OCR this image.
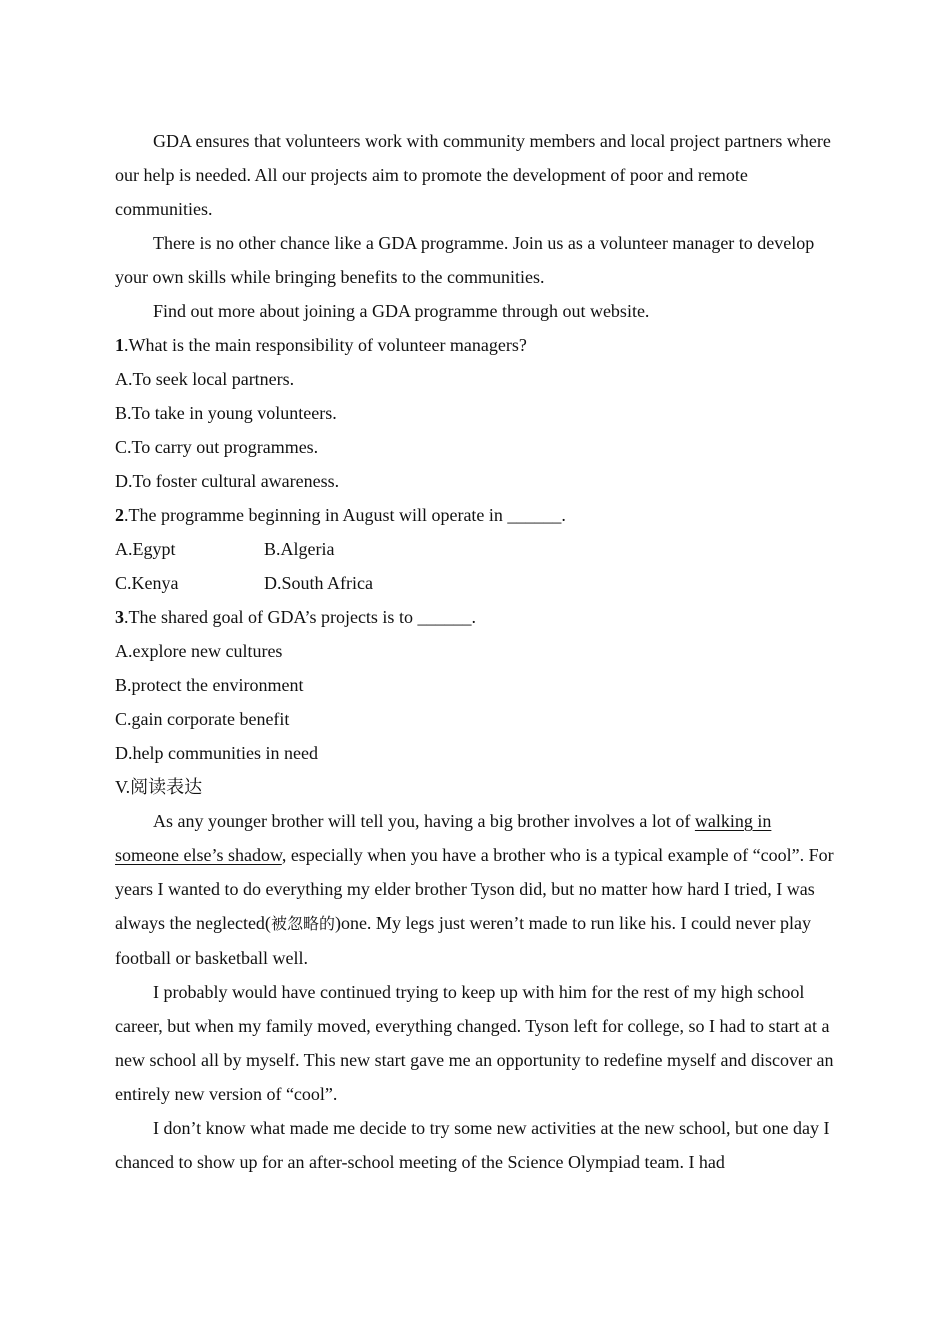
GDA ensures that volunteers work with community members and local project partners where our help is needed. All our projects aim to promote the development of poor and remote communities.

There is no other chance like a GDA programme. Join us as a volunteer manager to develop your own skills while bringing benefits to the communities.

Find out more about joining a GDA programme through out website.

1.What is the main responsibility of volunteer managers?

A.To seek local partners.

B.To take in young volunteers.

C.To carry out programmes.

D.To foster cultural awareness.

2.The programme beginning in August will operate in ______.

A.Egypt	B.Algeria
C.Kenya	D.South Africa

3.The shared goal of GDA’s projects is to ______.

A.explore new cultures

B.protect the environment

C.gain corporate benefit

D.help communities in need

V.阅读表达

As any younger brother will tell you, having a big brother involves a lot of walking in someone else’s shadow, especially when you have a brother who is a typical example of “cool”. For years I wanted to do everything my elder brother Tyson did, but no matter how hard I tried, I was always the neglected(被忽略的)one. My legs just weren’t made to run like his. I could never play football or basketball well.

I probably would have continued trying to keep up with him for the rest of my high school career, but when my family moved, everything changed. Tyson left for college, so I had to start at a new school all by myself. This new start gave me an opportunity to redefine myself and discover an entirely new version of “cool”.

I don’t know what made me decide to try some new activities at the new school, but one day I chanced to show up for an after-school meeting of the Science Olympiad team. I had
